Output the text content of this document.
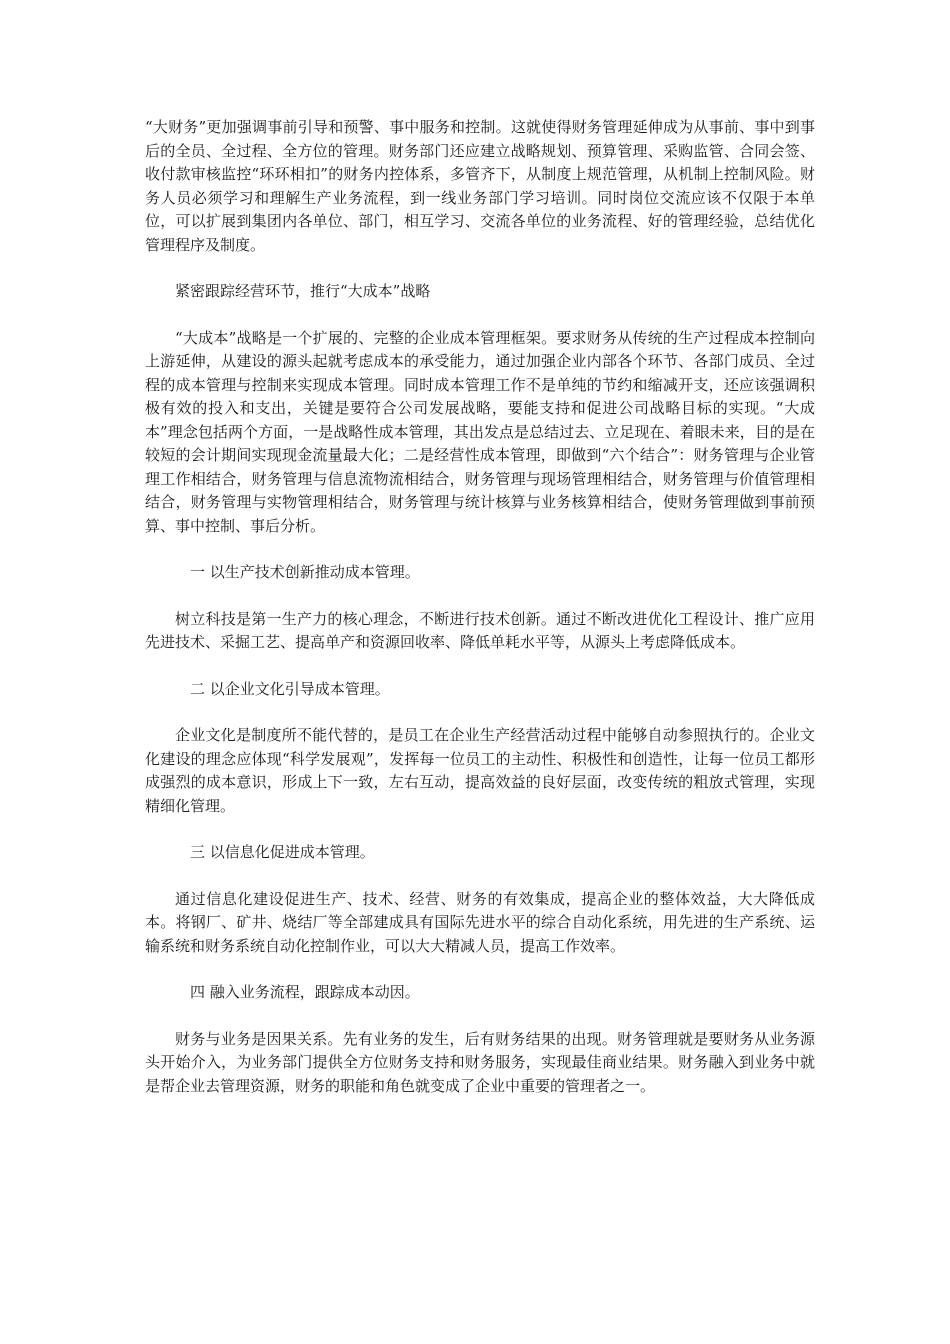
“大财务”更加强调事前引导和预警、事中服务和控制。这就使得财务管理延伸成为从事前、事中到事后的全员、全过程、全方位的管理。财务部门还应建立战略规划、预算管理、采购监管、合同会签、收付款审核监控“环环相扣”的财务内控体系，多管齐下，从制度上规范管理，从机制上控制风险。财务人员必须学习和理解生产业务流程，到一线业务部门学习培训。同时岗位交流应该不仅限于本单位，可以扩展到集团内各单位、部门，相互学习、交流各单位的业务流程、好的管理经验，总结优化管理程序及制度。

紧密跟踪经营环节，推行“大成本”战略

“大成本”战略是一个扩展的、完整的企业成本管理框架。要求财务从传统的生产过程成本控制向上游延伸，从建设的源头起就考虑成本的承受能力，通过加强企业内部各个环节、各部门成员、全过程的成本管理与控制来实现成本管理。同时成本管理工作不是单纯的节约和缩减开支，还应该强调积极有效的投入和支出，关键是要符合公司发展战略，要能支持和促进公司战略目标的实现。“大成本”理念包括两个方面，一是战略性成本管理，其出发点是总结过去、立足现在、着眼未来，目的是在较短的会计期间实现现金流量最大化；二是经营性成本管理，即做到“六个结合”：财务管理与企业管理工作相结合，财务管理与信息流物流相结合，财务管理与现场管理相结合，财务管理与价值管理相结合，财务管理与实物管理相结合，财务管理与统计核算与业务核算相结合，使财务管理做到事前预算、事中控制、事后分析。

一 以生产技术创新推动成本管理。

树立科技是第一生产力的核心理念，不断进行技术创新。通过不断改进优化工程设计、推广应用先进技术、采掘工艺、提高单产和资源回收率、降低单耗水平等，从源头上考虑降低成本。

二 以企业文化引导成本管理。

企业文化是制度所不能代替的，是员工在企业生产经营活动过程中能够自动参照执行的。企业文化建设的理念应体现“科学发展观”，发挥每一位员工的主动性、积极性和创造性，让每一位员工都形成强烈的成本意识，形成上下一致，左右互动，提高效益的良好层面，改变传统的粗放式管理，实现精细化管理。

三 以信息化促进成本管理。

通过信息化建设促进生产、技术、经营、财务的有效集成，提高企业的整体效益，大大降低成本。将钢厂、矿井、烧结厂等全部建成具有国际先进水平的综合自动化系统，用先进的生产系统、运输系统和财务系统自动化控制作业，可以大大精减人员，提高工作效率。

四 融入业务流程，跟踪成本动因。

财务与业务是因果关系。先有业务的发生，后有财务结果的出现。财务管理就是要财务从业务源头开始介入，为业务部门提供全方位财务支持和财务服务，实现最佳商业结果。财务融入到业务中就是帮企业去管理资源，财务的职能和角色就变成了企业中重要的管理者之一。
